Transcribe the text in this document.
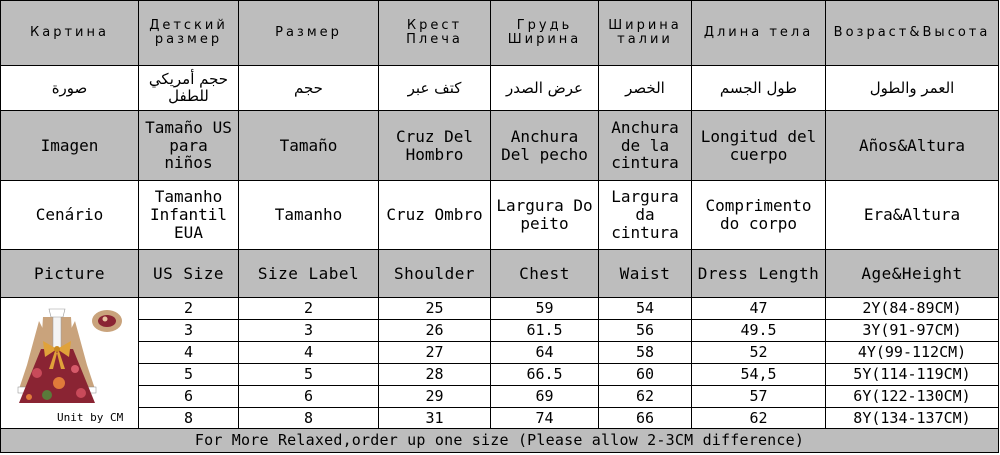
Картина	Детский размер	Размер	Крест Плеча	Грудь Ширина	Ширина талии	Длина тела	Возраст&Высота
صورة	حجم أمريكي للطفل	حجم	كتف عبر	عرض الصدر	الخصر	طول الجسم	العمر والطول
Imagen	Tamaño US para niños	Tamaño	Cruz Del Hombro	Anchura Del pecho	Anchura de la cintura	Longitud del cuerpo	Años&Altura
Cenário	Tamanho Infantil EUA	Tamanho	Cruz Ombro	Largura Do peito	Largura da cintura	Comprimento do corpo	Era&Altura
Picture	US Size	Size Label	Shoulder	Chest	Waist	Dress Length	Age&Height

Unit by CM	2	2	25	59	54	47	2Y(84-89CM)
	3	3	26	61.5	56	49.5	3Y(91-97CM)
	4	4	27	64	58	52	4Y(99-112CM)
	5	5	28	66.5	60	54,5	5Y(114-119CM)
	6	6	29	69	62	57	6Y(122-130CM)
	8	8	31	74	66	62	8Y(134-137CM)
For More Relaxed,order up one size (Please allow 2-3CM difference)							
